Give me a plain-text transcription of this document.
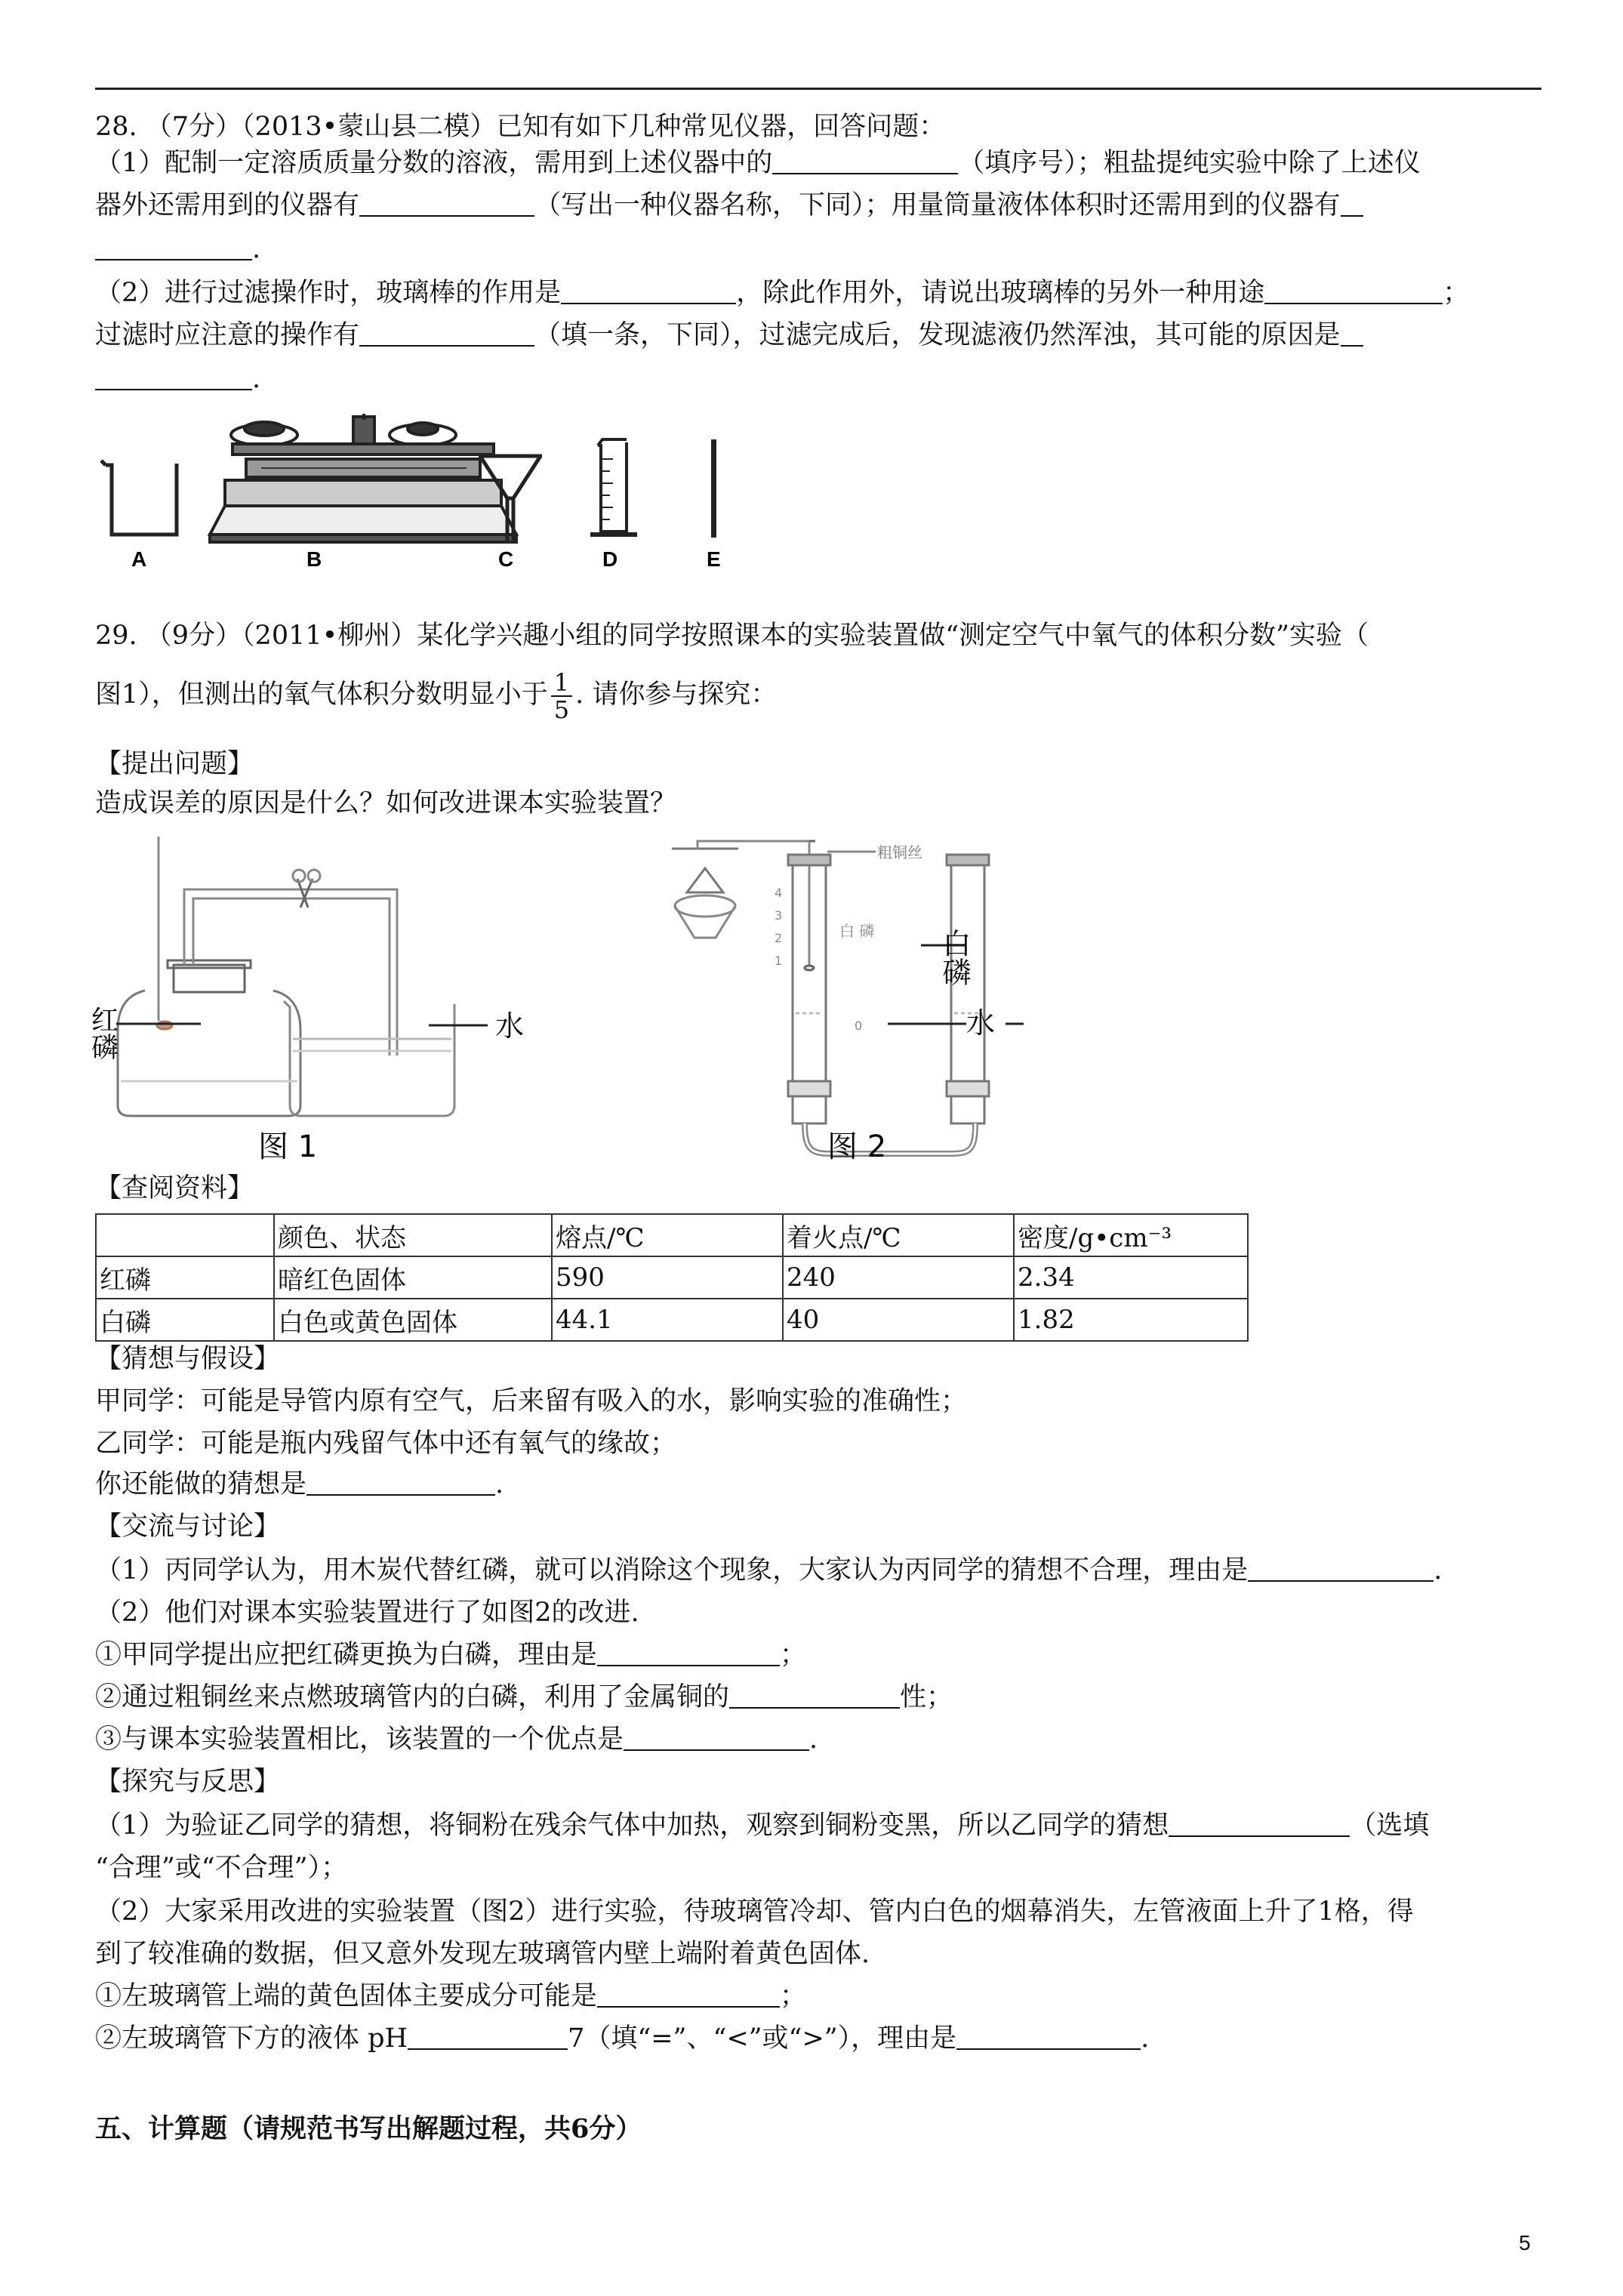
28. （7分）（2013•蒙山县二模）已知有如下几种常见仪器，回答问题：
（1）配制一定溶质质量分数的溶液，需用到上述仪器中的	（填序号）；粗盐提纯实验中除了上述仪
器外还需用到的仪器有	（写出一种仪器名称，下同）；用量筒量液体体积时还需用到的仪器有
.
（2）进行过滤操作时，玻璃棒的作用是	，除此作用外，请说出玻璃棒的另外一种用途	；
过滤时应注意的操作有	（填一条，下同），过滤完成后，发现滤液仍然浑浊，其可能的原因是
.
A	B	C	D	E
29. （9分）（2011•柳州）某化学兴趣小组的同学按照课本的实验装置做“测定空气中氧气的体积分数”实验（
图1），但测出的氧气体积分数明显小于 $\frac{1}{5}$ . 请你参与探究：
【提出问题】
造成误差的原因是什么？如何改进课本实验装置？
红磷	水
图 1
粗铜丝
白 磷
4
3
2
1
0
白磷
水
图 2
【查阅资料】
	颜色、状态	熔点/℃	着火点/℃	密度/g•cm⁻³
红磷	暗红色固体	590	240	2.34
白磷	白色或黄色固体	44.1	40	1.82
【猜想与假设】
甲同学：可能是导管内原有空气，后来留有吸入的水，影响实验的准确性；
乙同学：可能是瓶内残留气体中还有氧气的缘故；
你还能做的猜想是	.
【交流与讨论】
（1）丙同学认为，用木炭代替红磷，就可以消除这个现象，大家认为丙同学的猜想不合理，理由是	.
（2）他们对课本实验装置进行了如图2的改进.
①甲同学提出应把红磷更换为白磷，理由是	；
②通过粗铜丝来点燃玻璃管内的白磷，利用了金属铜的	性；
③与课本实验装置相比，该装置的一个优点是	.
【探究与反思】
（1）为验证乙同学的猜想，将铜粉在残余气体中加热，观察到铜粉变黑，所以乙同学的猜想	（选填
“合理”或“不合理”）；
（2）大家采用改进的实验装置（图2）进行实验，待玻璃管冷却、管内白色的烟幕消失，左管液面上升了1格，得
到了较准确的数据，但又意外发现左玻璃管内壁上端附着黄色固体.
①左玻璃管上端的黄色固体主要成分可能是	；
②左玻璃管下方的液体 pH	7（填“=”、“<”或“>”），理由是	.
五、计算题（请规范书写出解题过程，共6分）
5
